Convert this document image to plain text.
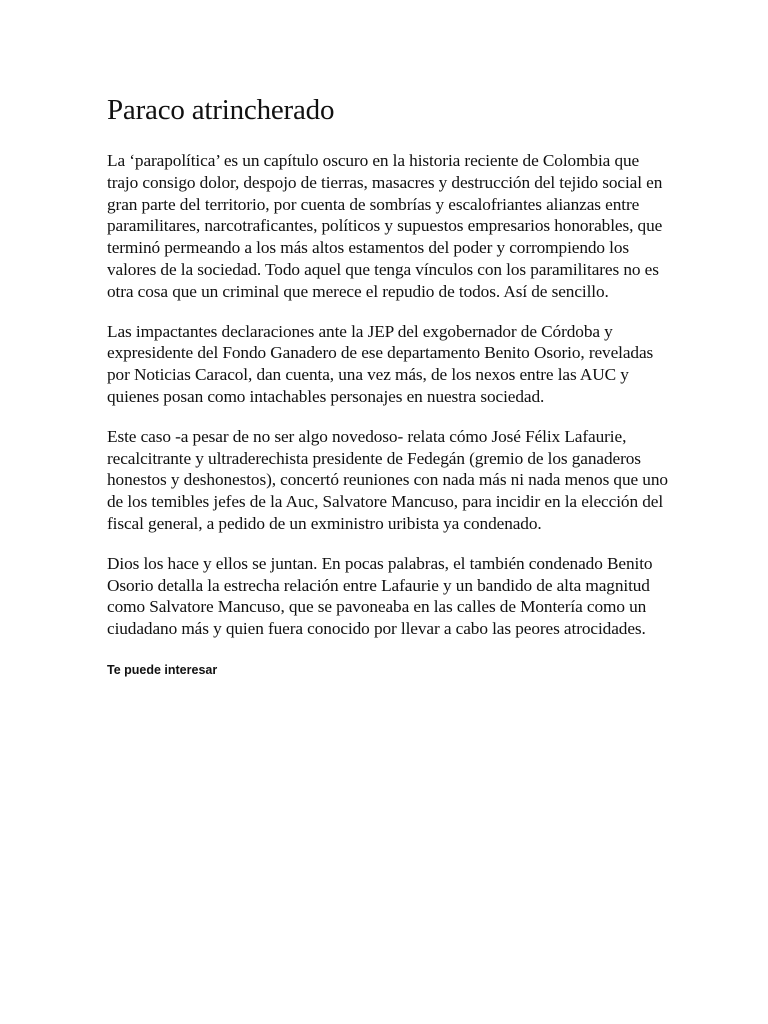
Paraco atrincherado

La ‘parapolítica’ es un capítulo oscuro en la historia reciente de Colombia que trajo consigo dolor, despojo de tierras, masacres y destrucción del tejido social en gran parte del territorio, por cuenta de sombrías y escalofriantes alianzas entre paramilitares, narcotraficantes, políticos y supuestos empresarios honorables, que terminó permeando a los más altos estamentos del poder y corrompiendo los valores de la sociedad. Todo aquel que tenga vínculos con los paramilitares no es otra cosa que un criminal que merece el repudio de todos. Así de sencillo.

Las impactantes declaraciones ante la JEP del exgobernador de Córdoba y expresidente del Fondo Ganadero de ese departamento Benito Osorio, reveladas por Noticias Caracol, dan cuenta, una vez más, de los nexos entre las AUC y quienes posan como intachables personajes en nuestra sociedad.

Este caso -a pesar de no ser algo novedoso- relata cómo José Félix Lafaurie, recalcitrante y ultraderechista presidente de Fedegán (gremio de los ganaderos honestos y deshonestos), concertó reuniones con nada más ni nada menos que uno de los temibles jefes de la Auc, Salvatore Mancuso, para incidir en la elección del fiscal general, a pedido de un exministro uribista ya condenado.

Dios los hace y ellos se juntan. En pocas palabras, el también condenado Benito Osorio detalla la estrecha relación entre Lafaurie y un bandido de alta magnitud como Salvatore Mancuso, que se pavoneaba en las calles de Montería como un ciudadano más y quien fuera conocido por llevar a cabo las peores atrocidades.

Te puede interesar
